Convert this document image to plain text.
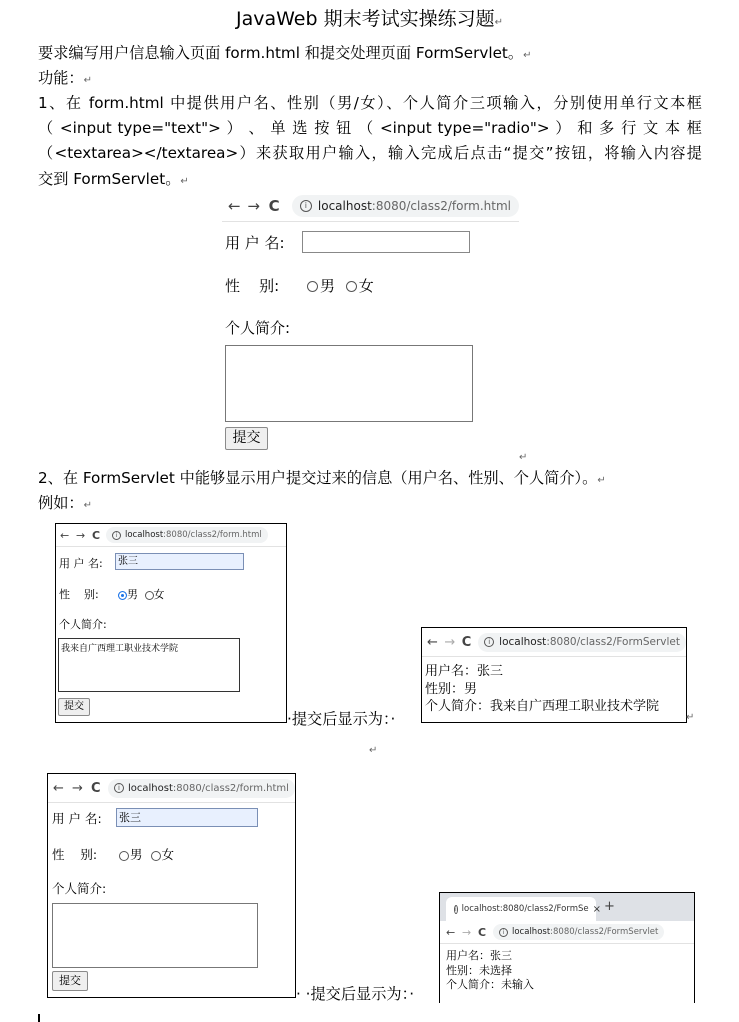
JavaWeb 期末考试实操练习题↵
要求编写用户信息输入页面 form.html 和提交处理页面 FormServlet。↵
功能：↵
1、在 form.html 中提供用户名、性别（男/女）、个人简介三项输入，分别使用单行文本框
（ <input type="text"> ） 、 单 选 按 钮 （ <input type="radio"> ） 和 多 行 文 本 框
（<textarea></textarea>）来获取用户输入，输入完成后点击“提交”按钮，将输入内容提
交到 FormServlet。↵
← → C	i localhost :8080/class2/form.html
用 户 名:
性    别:	男 女
个人简介:
提交
↵
2、在 FormServlet 中能够显示用户提交过来的信息（用户名、性别、个人简介）。↵
例如：↵
← → C	i localhost :8080/class2/form.html
用 户 名:	张三
性    别:	男 女
个人简介:
我来自广西理工职业技术学院
提交
·提交后显示为：·
← → C	i localhost :8080/class2/FormServlet
用户名：张三
性别：男
个人简介：我来自广西理工职业技术学院
↵
↵
← → C	i localhost :8080/class2/form.html
用 户 名: 张三
性    别:	男 女
个人简介:
提交
· ·提交后显示为：·
i localhost:8080/class2/FormSe × +
← → C	i localhost :8080/class2/FormServlet
用户名：张三
性别：未选择
个人简介：未输入
